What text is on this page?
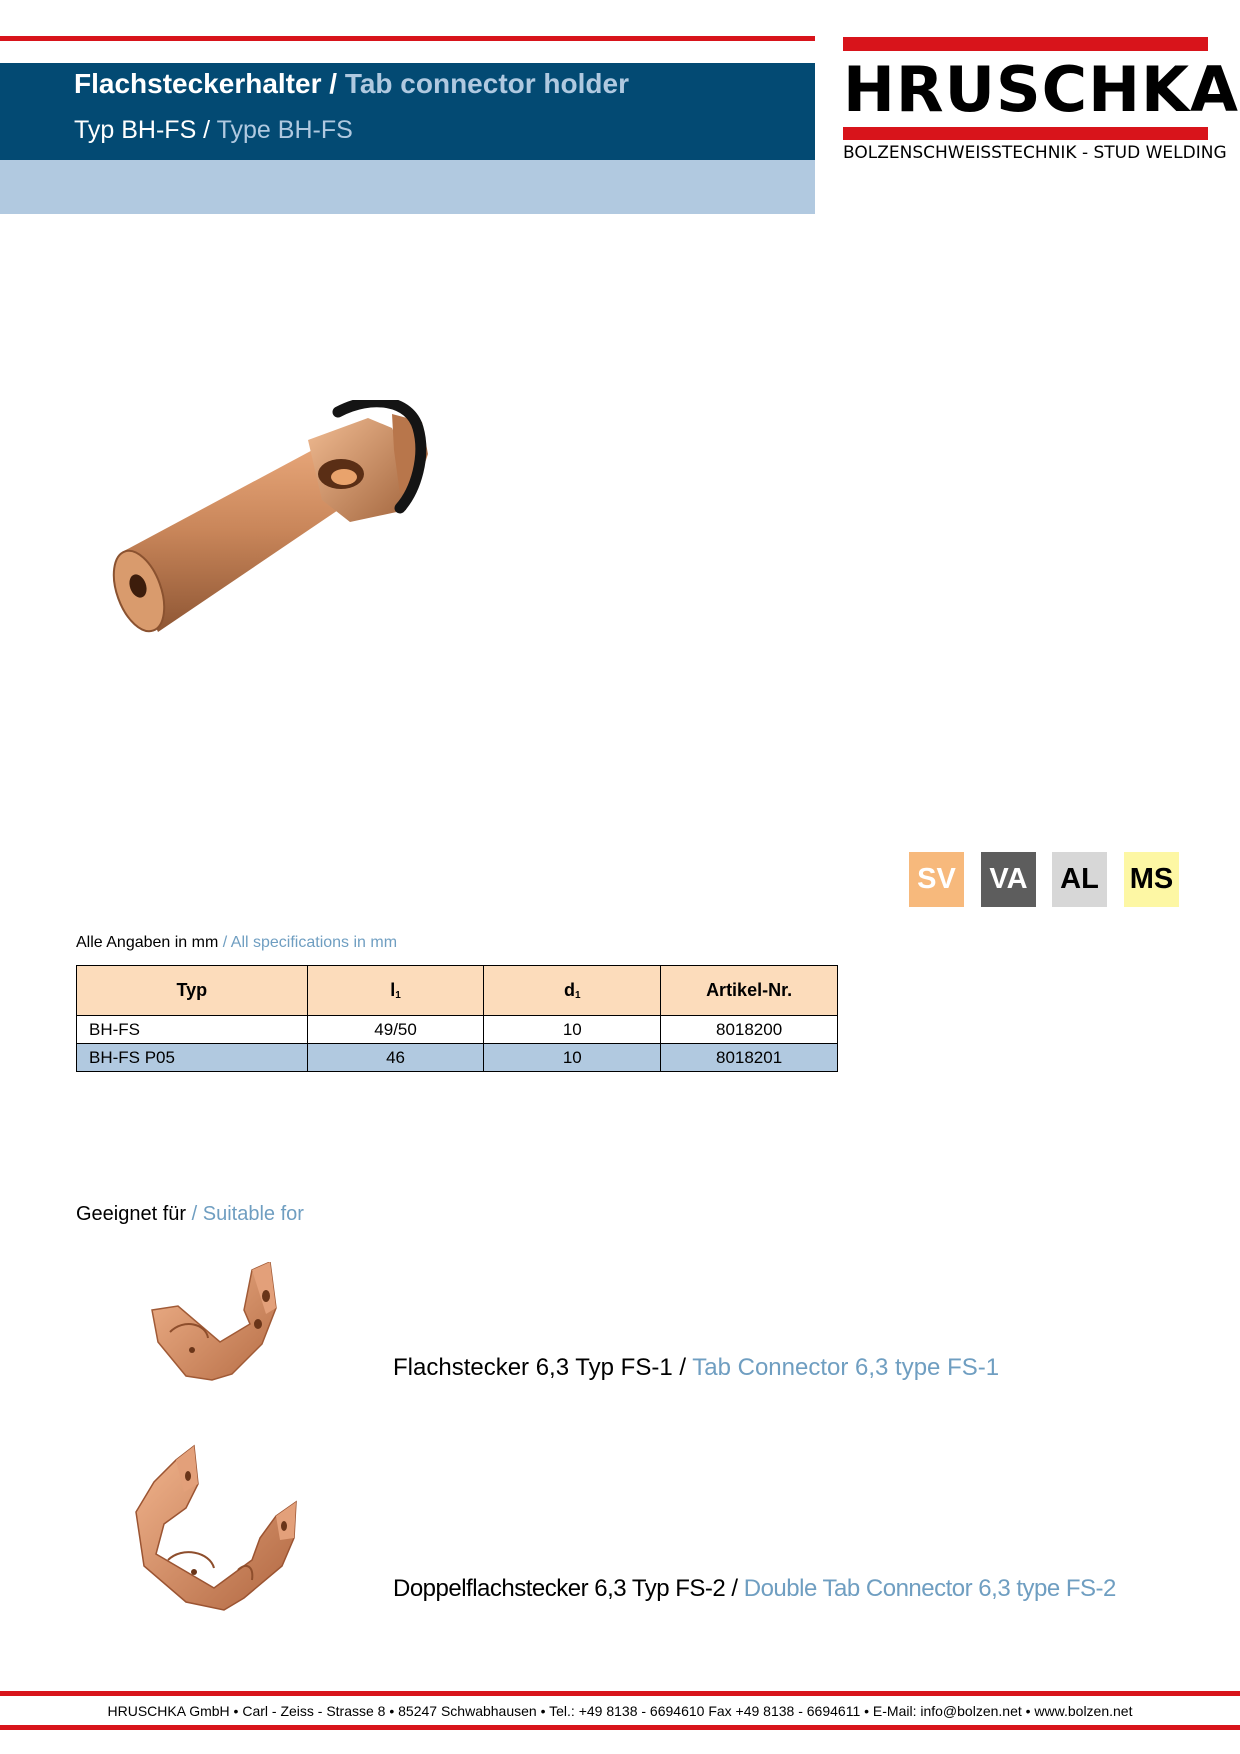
Flachsteckerhalter / Tab connector holder
Typ BH-FS / Type BH-FS
HRUSCHKA
BOLZENSCHWEISSTECHNIK - STUD WELDING
SV VA AL MS
Alle Angaben in mm / All specifications in mm
Typ	$l_1$	$d_1$	Artikel-Nr.
BH-FS	49/50	10	8018200
BH-FS P05	46	10	8018201
Geeignet für / Suitable for
Flachstecker 6,3 Typ FS-1 / Tab Connector 6,3 type FS-1
Doppelflachstecker 6,3 Typ FS-2 / Double Tab Connector 6,3 type FS-2
HRUSCHKA GmbH • Carl - Zeiss - Strasse 8 • 85247 Schwabhausen • Tel.: +49 8138 - 6694610 Fax +49 8138 - 6694611 • E-Mail: info@bolzen.net • www.bolzen.net
